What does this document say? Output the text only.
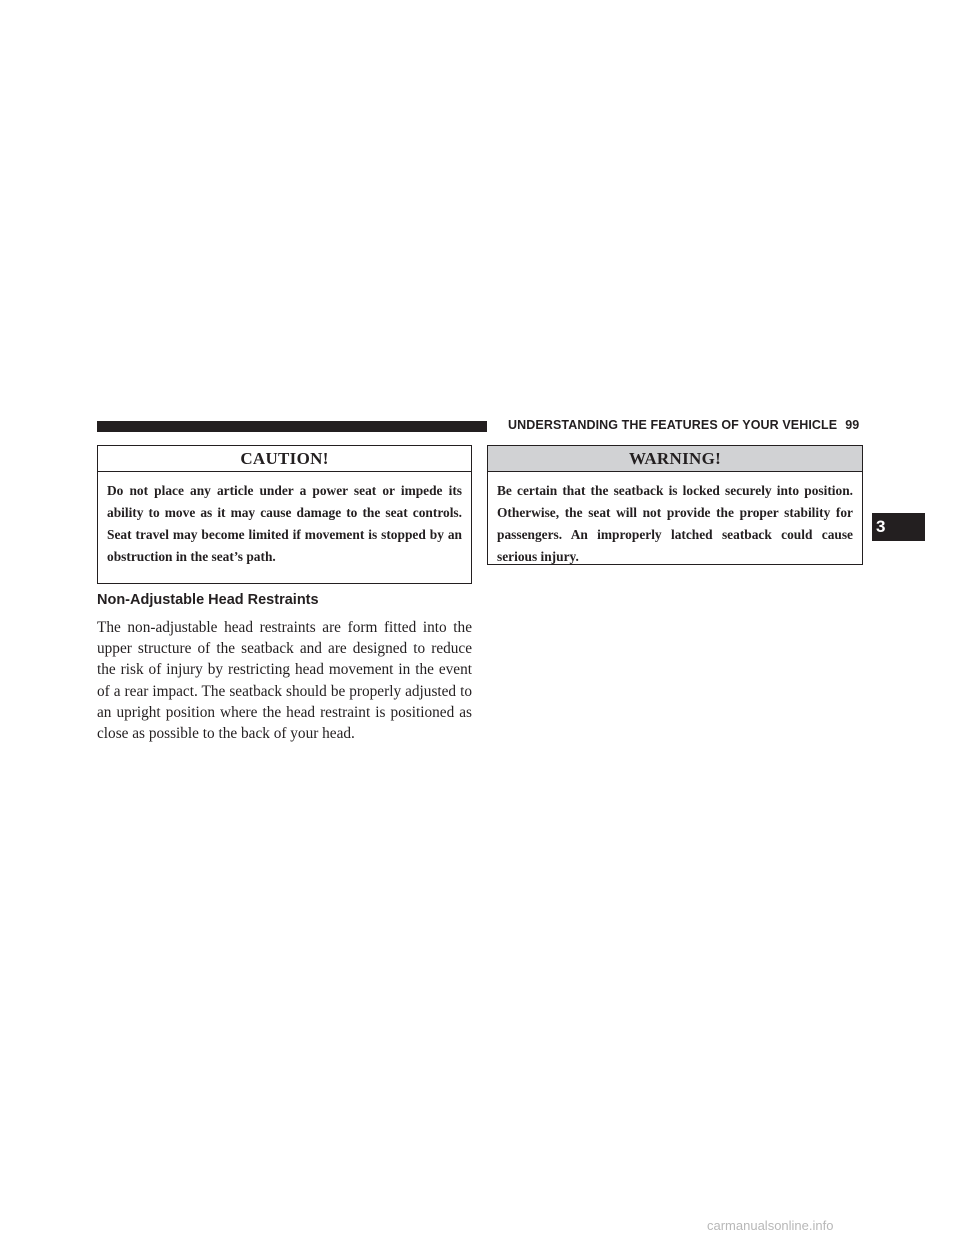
UNDERSTANDING THE FEATURES OF YOUR VEHICLE 99
3
CAUTION!
Do not place any article under a power seat or impede its ability to move as it may cause damage to the seat controls. Seat travel may become limited if movement is stopped by an obstruction in the seat’s path.
WARNING!
Be certain that the seatback is locked securely into position. Otherwise, the seat will not provide the proper stability for passengers. An improperly latched seatback could cause serious injury.
Non-Adjustable Head Restraints
The non-adjustable head restraints are form fitted into the upper structure of the seatback and are designed to reduce the risk of injury by restricting head movement in the event of a rear impact. The seatback should be properly adjusted to an upright position where the head restraint is positioned as close as possible to the back of your head.
carmanualsonline.info
